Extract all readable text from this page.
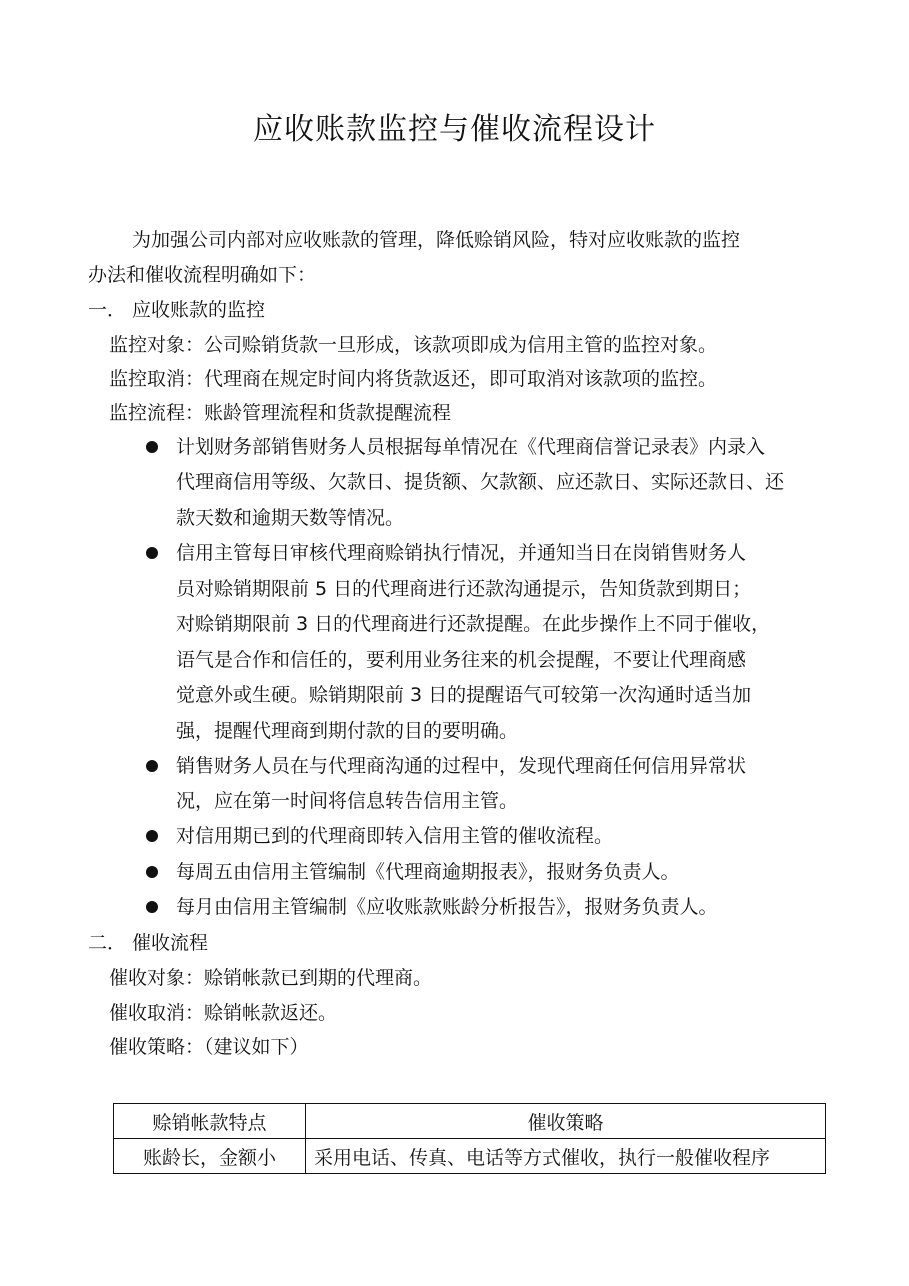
应收账款监控与催收流程设计
为加强公司内部对应收账款的管理，降低赊销风险，特对应收账款的监控
办法和催收流程明确如下：
一． 应收账款的监控
监控对象：公司赊销货款一旦形成，该款项即成为信用主管的监控对象。
监控取消：代理商在规定时间内将货款返还，即可取消对该款项的监控。
监控流程：账龄管理流程和货款提醒流程
计划财务部销售财务人员根据每单情况在《代理商信誉记录表》内录入
代理商信用等级、欠款日、提货额、欠款额、应还款日、实际还款日、还
款天数和逾期天数等情况。
信用主管每日审核代理商赊销执行情况，并通知当日在岗销售财务人
员对赊销期限前 5 日的代理商进行还款沟通提示，告知货款到期日；
对赊销期限前 3 日的代理商进行还款提醒。在此步操作上不同于催收，
语气是合作和信任的，要利用业务往来的机会提醒，不要让代理商感
觉意外或生硬。赊销期限前 3 日的提醒语气可较第一次沟通时适当加
强，提醒代理商到期付款的目的要明确。
销售财务人员在与代理商沟通的过程中，发现代理商任何信用异常状
况，应在第一时间将信息转告信用主管。
对信用期已到的代理商即转入信用主管的催收流程。
每周五由信用主管编制《代理商逾期报表》，报财务负责人。
每月由信用主管编制《应收账款账龄分析报告》，报财务负责人。
二． 催收流程
催收对象：赊销帐款已到期的代理商。
催收取消：赊销帐款返还。
催收策略：（建议如下）
赊销帐款特点	催收策略
账龄长，金额小	采用电话、传真、电话等方式催收，执行一般催收程序
